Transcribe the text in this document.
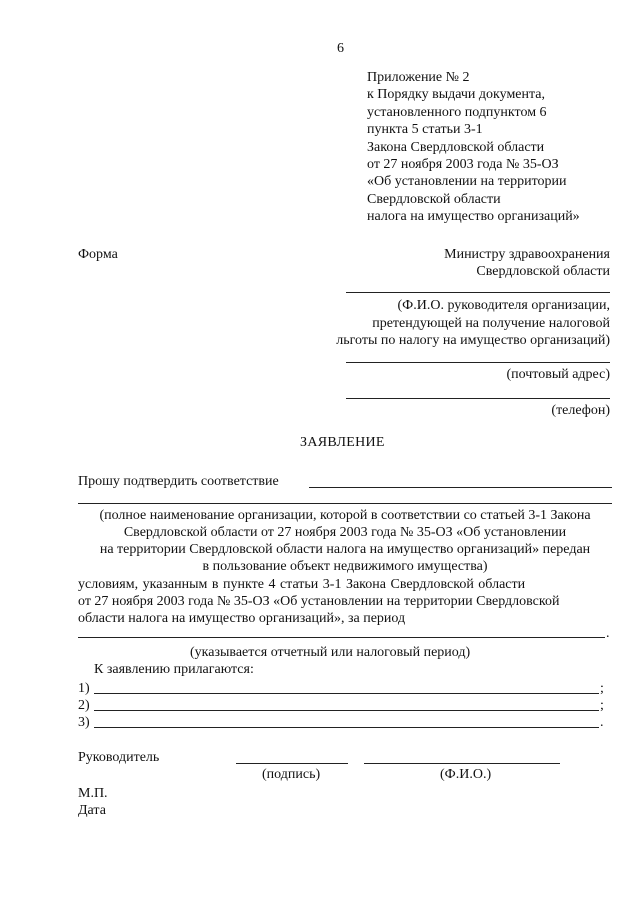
6
Приложение № 2
к Порядку выдачи документа,
установленного подпунктом 6
пункта 5 статьи 3-1
Закона Свердловской области
от 27 ноября 2003 года № 35-ОЗ
«Об установлении на территории
Свердловской области
налога на имущество организаций»
Форма	Министру здравоохранения
Свердловской области
(Ф.И.О. руководителя организации,
претендующей на получение налоговой
льготы по налогу на имущество организаций)
(почтовый адрес)
(телефон)
ЗАЯВЛЕНИЕ
Прошу подтвердить соответствие
(полное наименование организации, которой в соответствии со статьей 3-1 Закона
Свердловской области от 27 ноября 2003 года № 35-ОЗ «Об установлении
на территории Свердловской области налога на имущество организаций» передан
в пользование объект недвижимого имущества)
условиям, указанным в пункте 4 статьи 3-1 Закона Свердловской области
от 27 ноября 2003 года № 35-ОЗ «Об установлении на территории Свердловской
области налога на имущество организаций», за период
.
(указывается отчетный или налоговый период)
К заявлению прилагаются:
1)	;
2)	;
3)	.
Руководитель
(подпись)	(Ф.И.О.)
М.П.
Дата
